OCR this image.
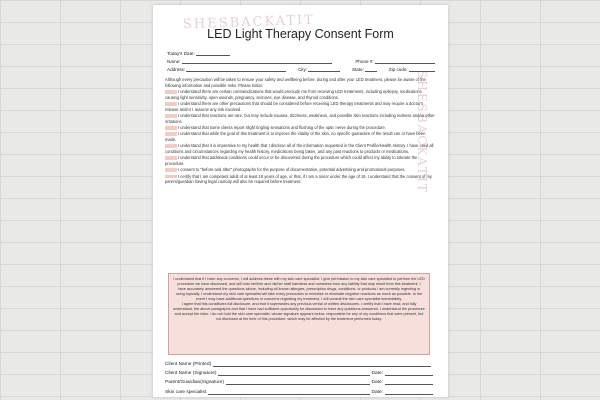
SHESBACKATIT
SHESBACKATIT
LED Light Therapy Consent Form
Today's Date:
Name:	Phone #:
Address:	City:	State:	Zip code:

Although every precaution will be taken to ensure your safety and wellbeing before, during and after your LED treatment, please be aware of the following information and possible risks. Please Initial:

I understand there are certain contraindications that would preclude me from receiving LED treatments, including epilepsy, medications causing light sensitivity, open wounds, pregnancy, seizures, eye disease, and thyroid conditions.

I understand there are other precautions that should be considered before receiving LED therapy treatments and may require a doctor's release and/or I assume any risk involved.

I understand that reactions are rare, but may include nausea, dizziness, weakness, and possible skin reactions including redness and/or other irritations.

I understand that some clients report slight tingling sensations and flushing of the optic nerve during the procedure.

I understand that while the goal of this treatment is to improve the vitality of the skin, no specific guarantee of the result can or have been made.

I understand that it is imperative to my health that I disclose all of the information requested in the Client Profile/Health History. I have cited all conditions and circumstances regarding my health history, medications being taken, and any past reactions to products or medications.

I understand that additional conditions could occur or be discovered during the procedure which could affect my ability to tolerate the procedure.

I consent to "before and after" photographs for the purpose of documentation, potential advertising and promotional purposes.

I certify that I am competent adult of at least 18 years of age, or that, if I am a minor under the age of 18, I understand that the consent of my parent/guardian having legal custody will also be required before treatment.

I understand that if I have any concerns, I will address these with my skin care specialist. I give permission to my skin care specialist to perform the LED procedure we have discussed, and will hold her/him and his/her staff harmless and nameless from any liability that may result from this treatment. I have accurately answered the questions above, including all known allergies, prescription drugs, conditions, or products I am currently ingesting or using topically. I understand my skin care specialist will take every precaution to minimize or eliminate negative reactions as much as possible. In the event I may have additional questions or concerns regarding my treatment, I will consult the skin care specialist immediately.
I agree that this constitutes full disclosure, and that it supersedes any previous verbal or written disclosures. I certify that I have read, and fully understand, the above paragraphs and that I have had sufficient opportunity for discussion to have any questions answered. I understand the procedure and accept the risks. I do not hold the skin care specialist, whose signature appears below, responsible for any of my conditions that were present, but not disclosed at the time of this procedure, which may be affected by the treatment performed today.
Client Name (Printed)
Client Name (Signature)	Date:
Parent/Guardian(Signature)	Date:
Skin care specialist	Date:
